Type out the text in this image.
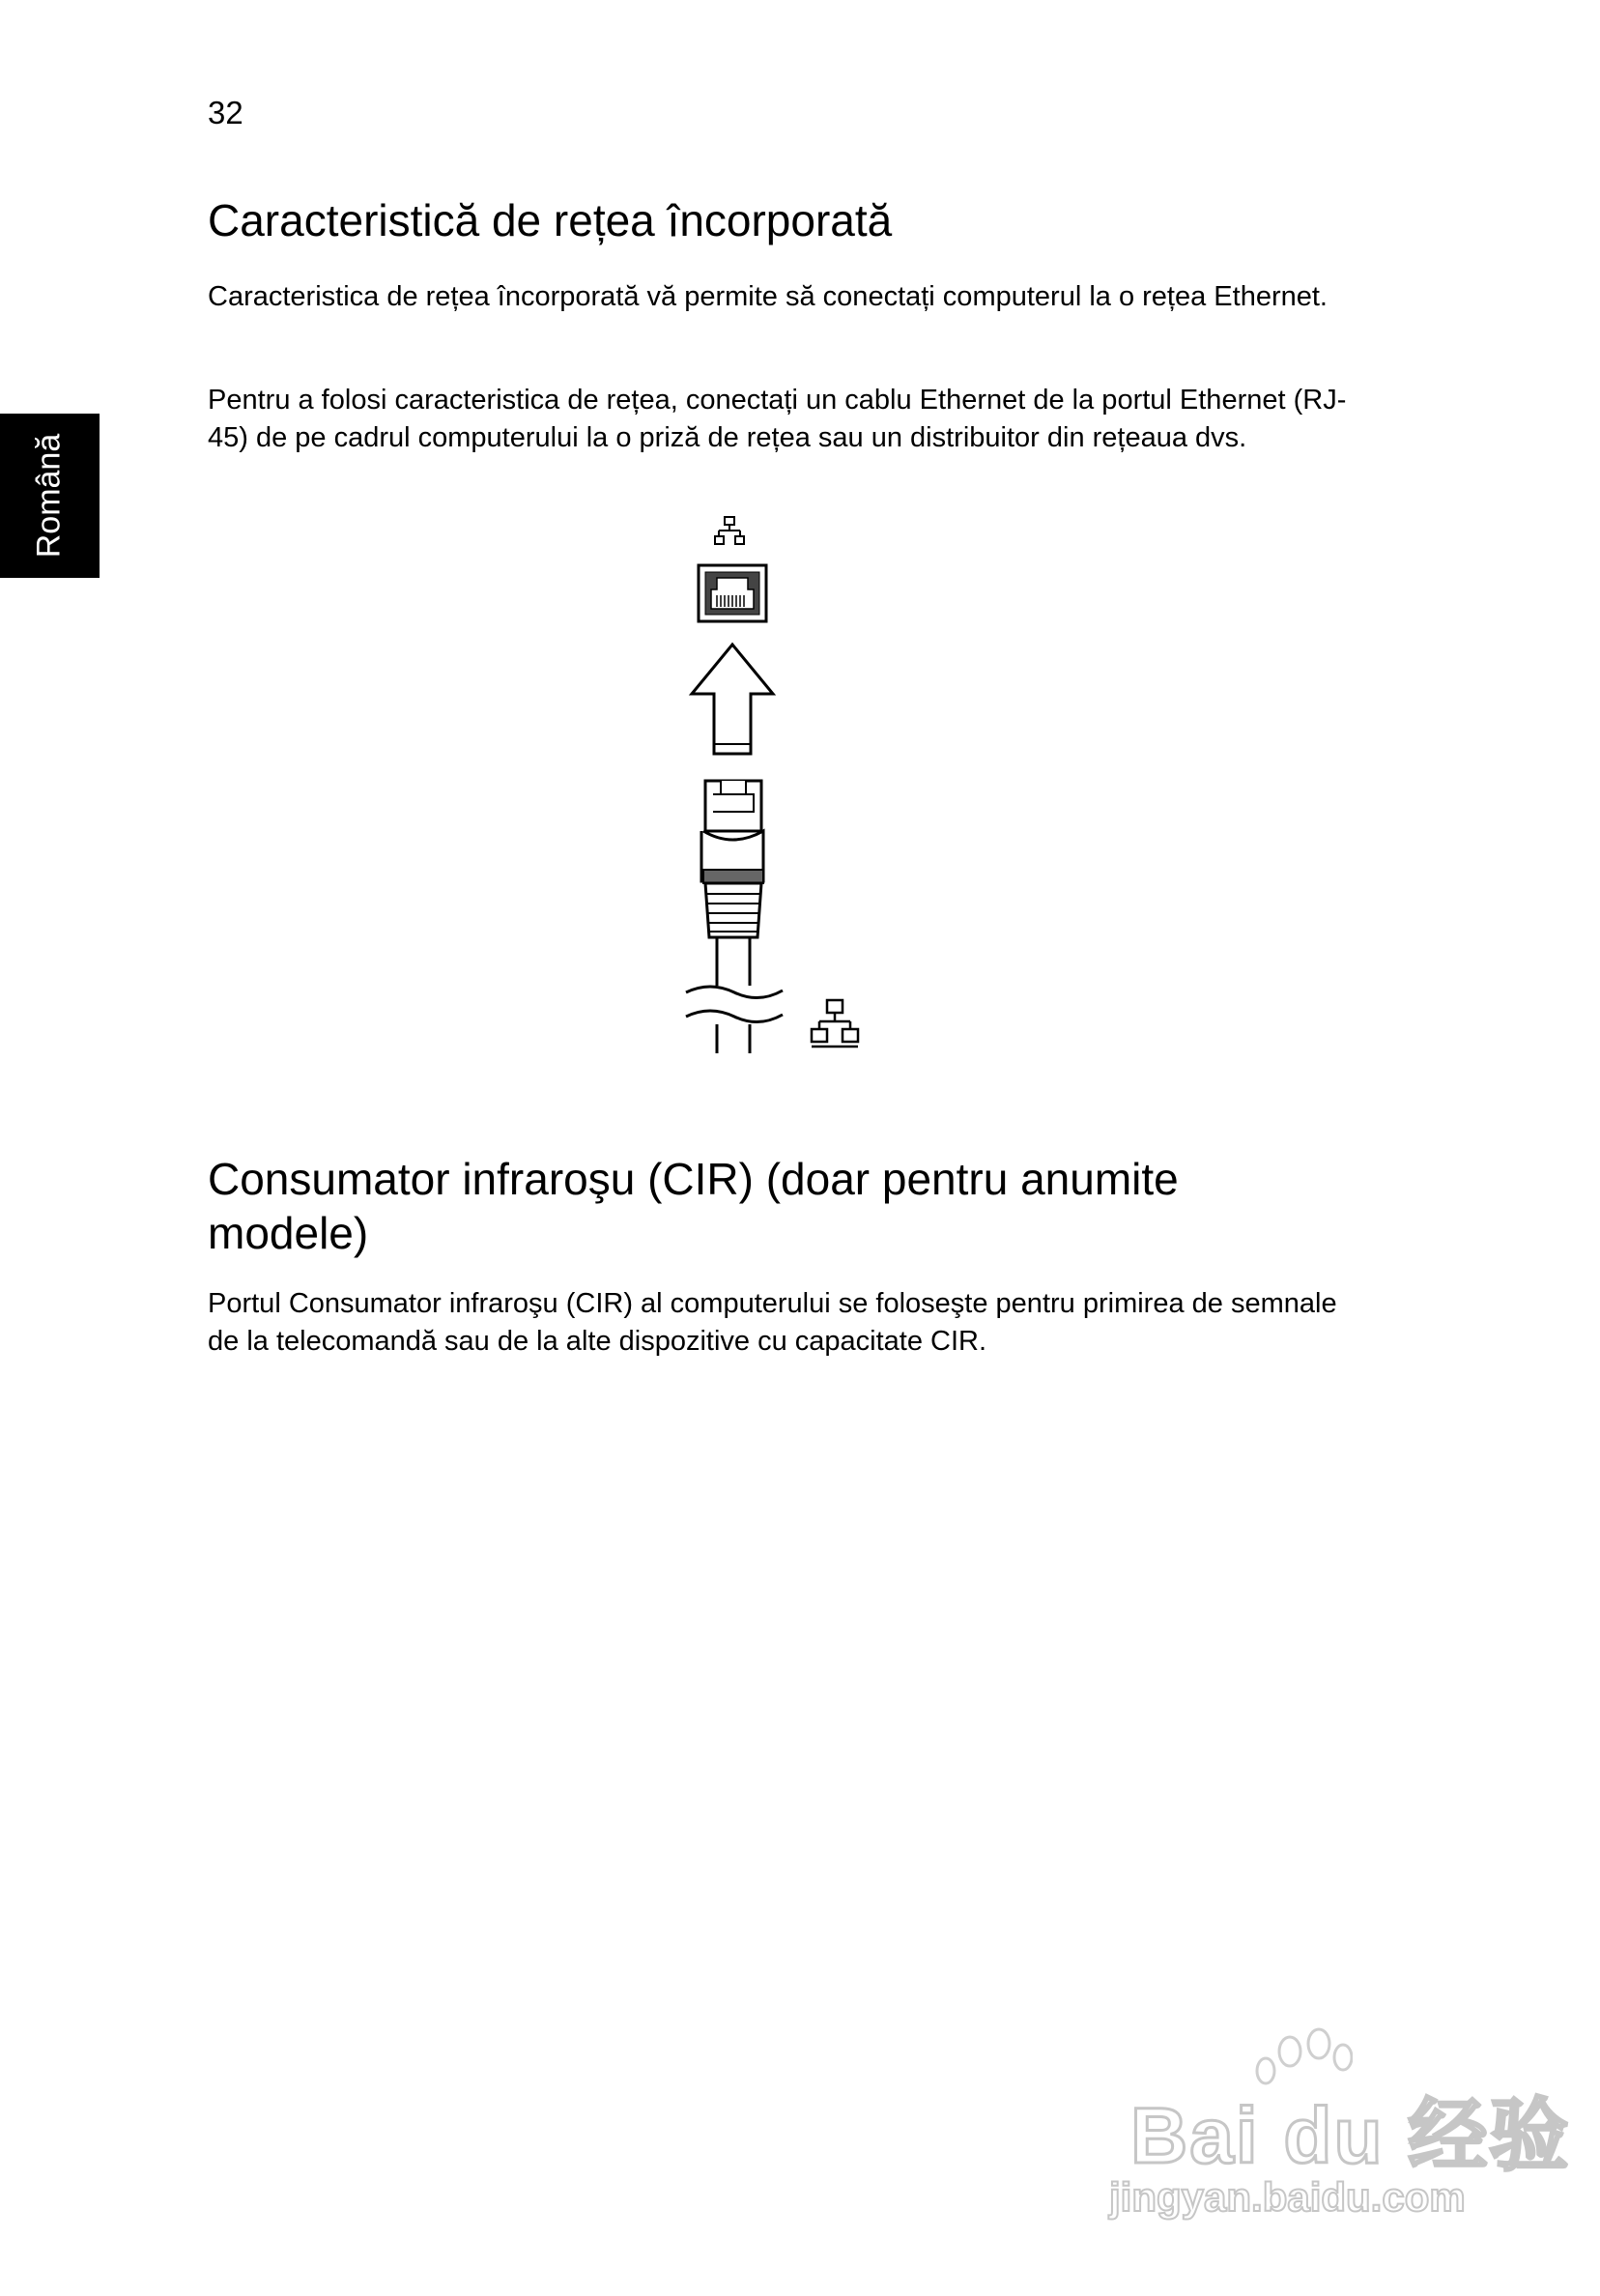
32
Română
Caracteristică de rețea încorporată

Caracteristica de rețea încorporată vă permite să conectați computerul la o rețea Ethernet.

Pentru a folosi caracteristica de rețea, conectați un cablu Ethernet de la portul Ethernet (RJ-45) de pe cadrul computerului la o priză de rețea sau un distribuitor din rețeaua dvs.

Consumator infraroşu (CIR) (doar pentru anumite modele)

Portul Consumator infraroşu (CIR) al computerului se foloseşte pentru primirea de semnale de la telecomandă sau de la alte dispozitive cu capacitate CIR.

Bai du 经验
jingyan.baidu.com
